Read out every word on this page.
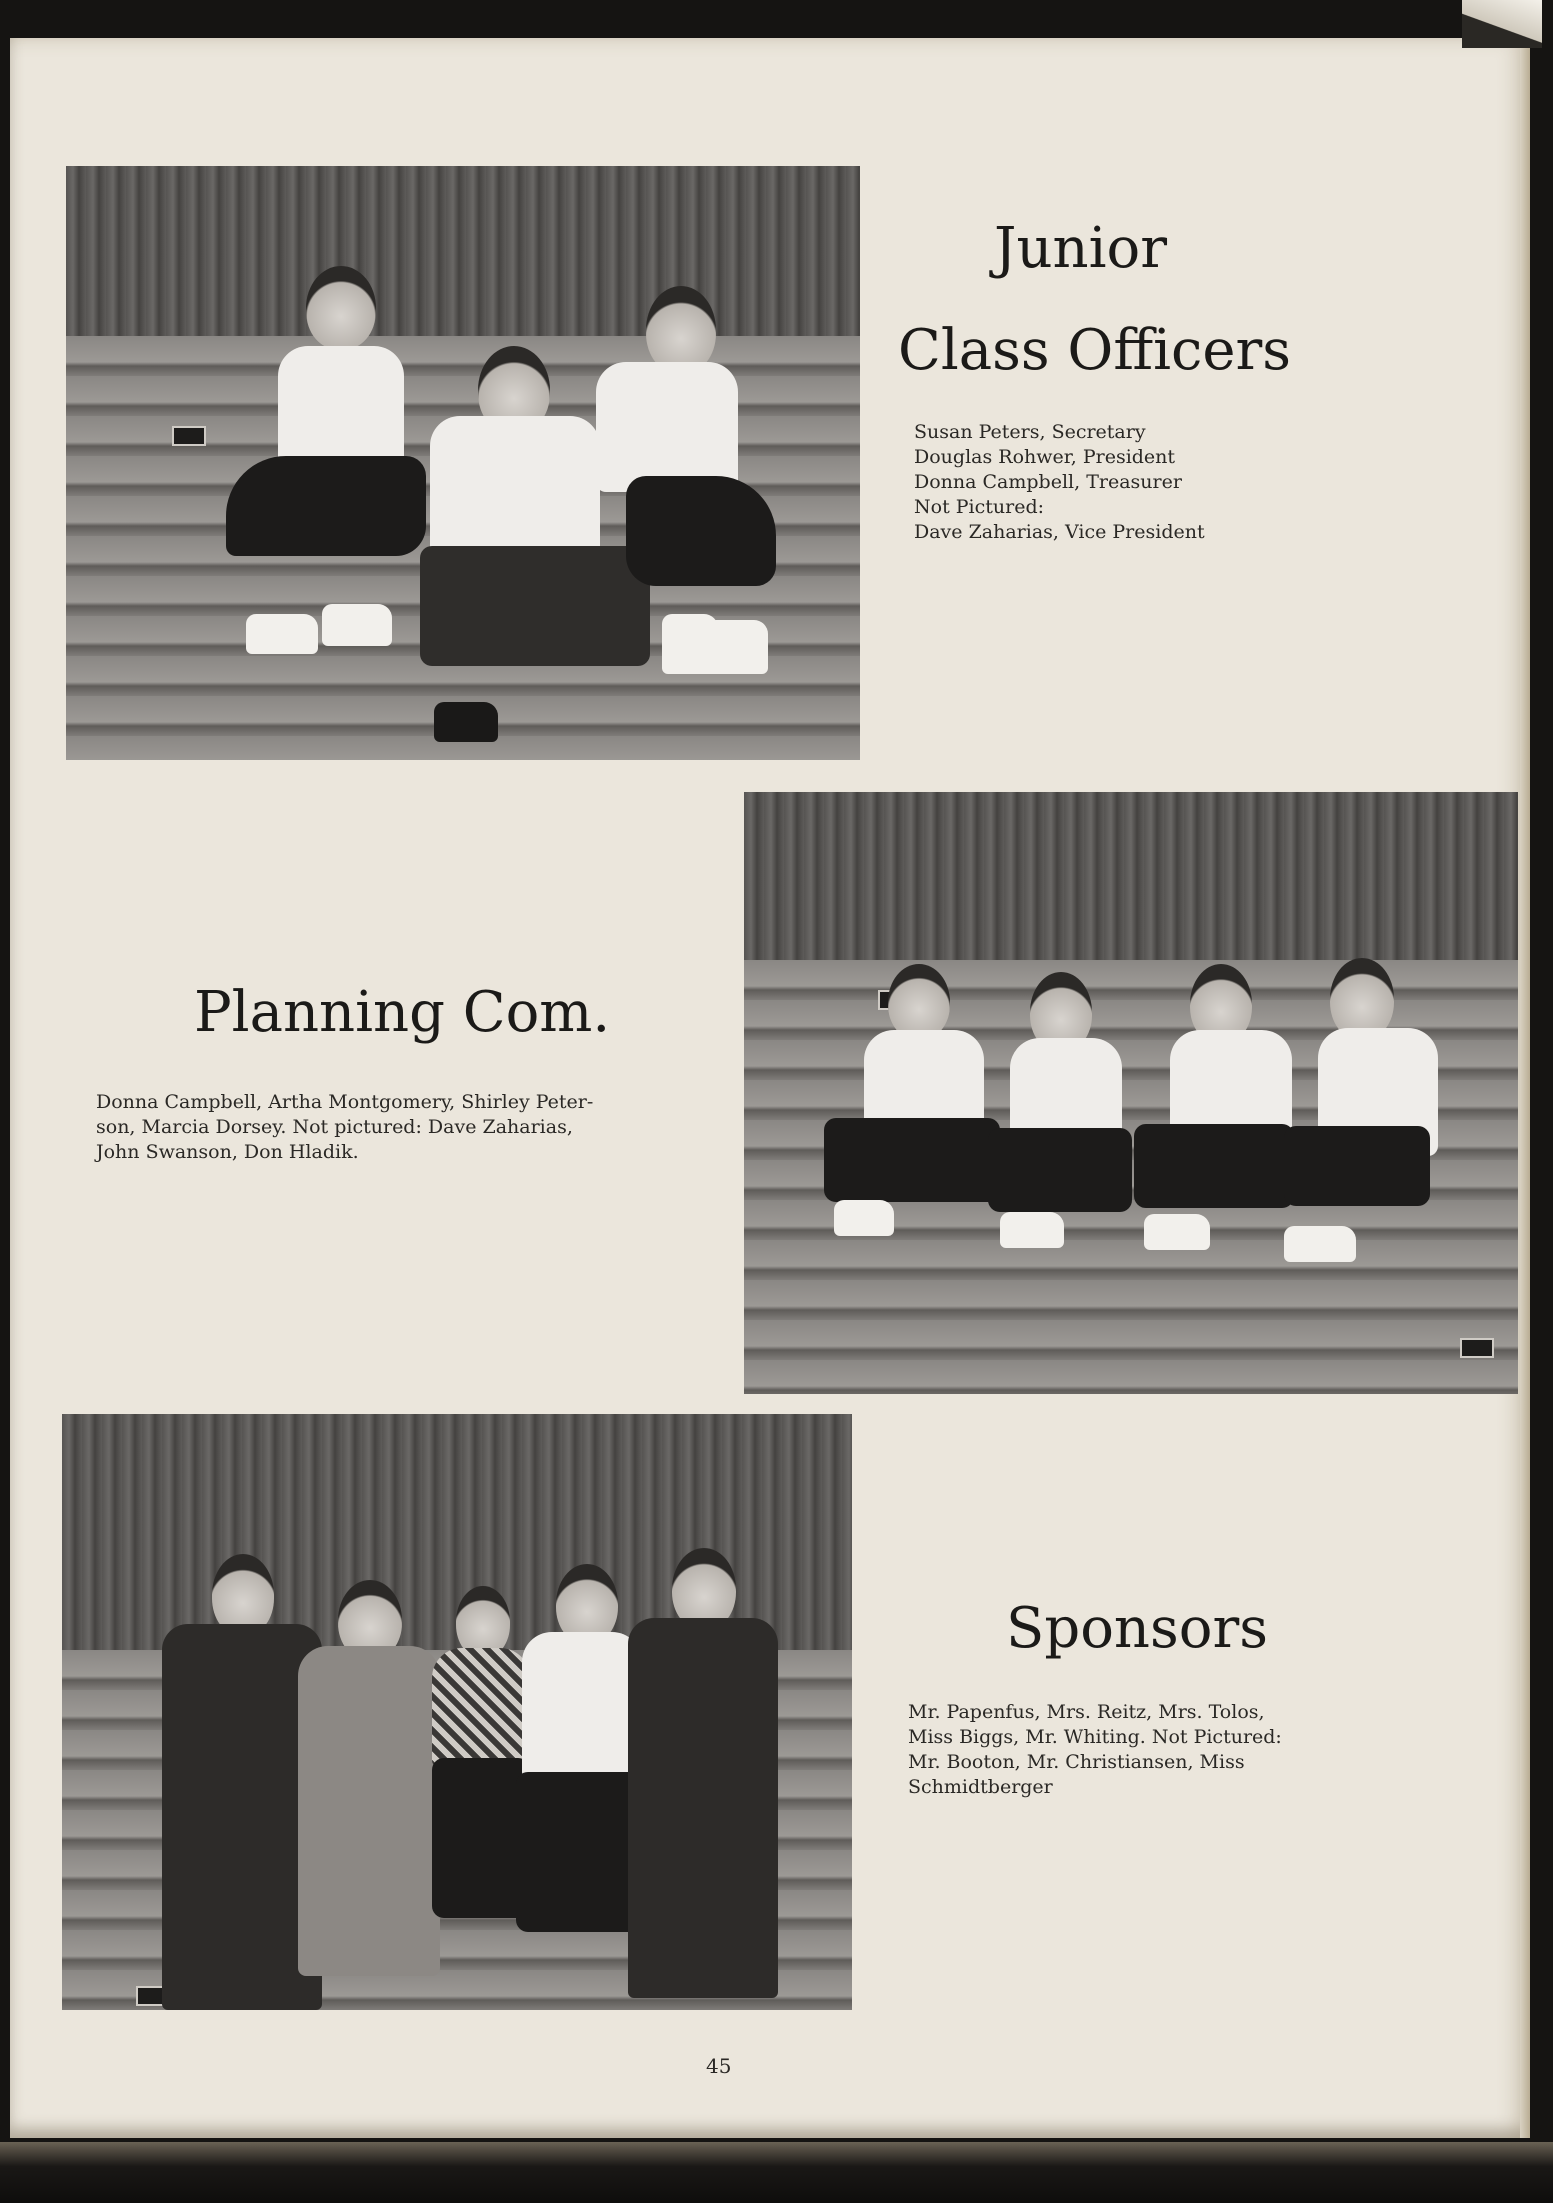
Junior
Class Officers

Susan Peters, Secretary
Douglas Rohwer, President
Donna Campbell, Treasurer
Not Pictured:
Dave Zaharias, Vice President

Planning Com.

Donna Campbell, Artha Montgomery, Shirley Peter-
son, Marcia Dorsey. Not pictured: Dave Zaharias,
John Swanson, Don Hladik.

Sponsors

Mr. Papenfus, Mrs. Reitz, Mrs. Tolos,
Miss Biggs, Mr. Whiting. Not Pictured:
Mr. Booton, Mr. Christiansen, Miss
Schmidtberger

45
